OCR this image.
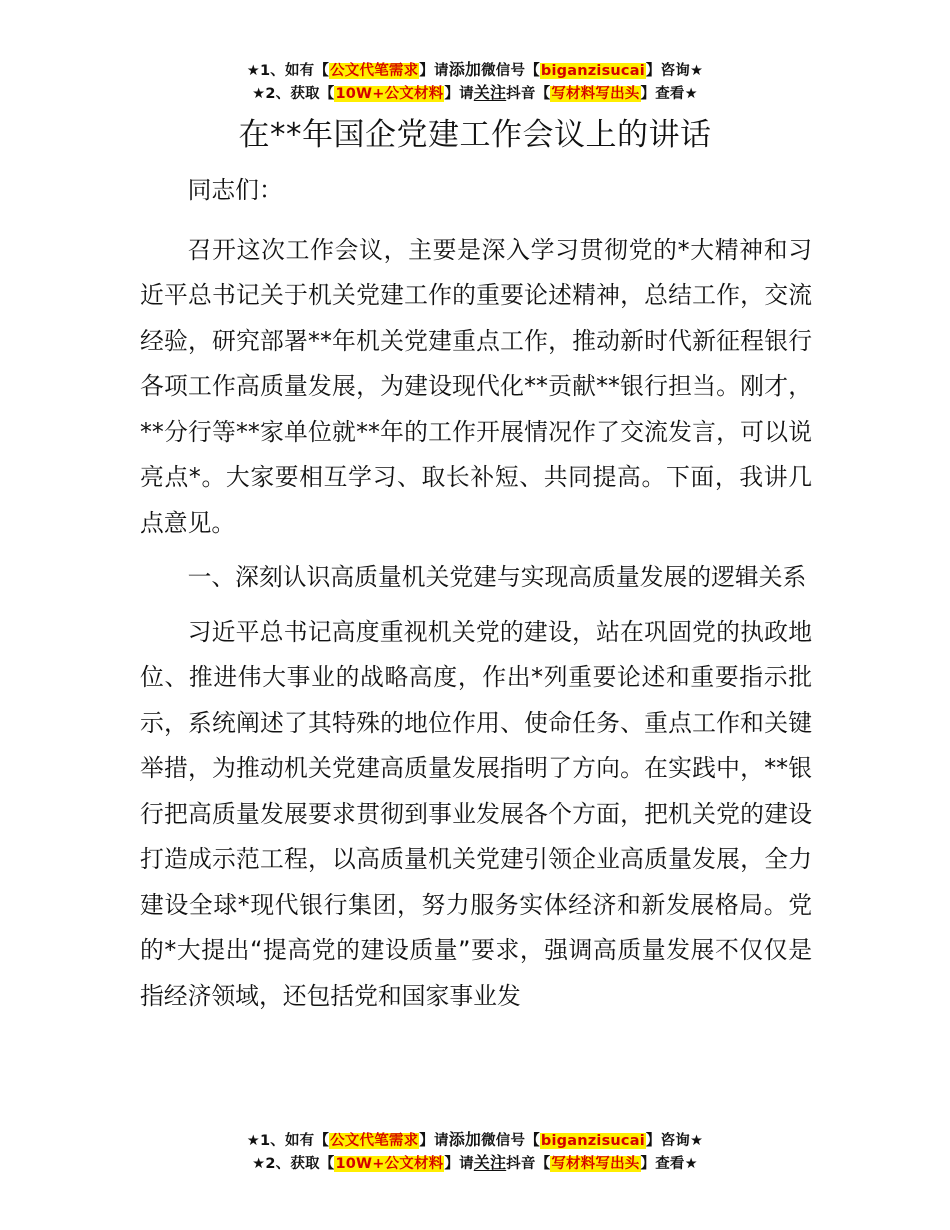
★1、如有【公文代笔需求】请添加微信号【biganzisucai】咨询★
★2、获取【10W+公文材料】请关注抖音【写材料写出头】查看★
在**年国企党建工作会议上的讲话

同志们：

召开这次工作会议，主要是深入学习贯彻党的*大精神和习近平总书记关于机关党建工作的重要论述精神，总结工作，交流经验，研究部署**年机关党建重点工作，推动新时代新征程银行各项工作高质量发展，为建设现代化**贡献**银行担当。刚才，**分行等**家单位就**年的工作开展情况作了交流发言，可以说亮点*。大家要相互学习、取长补短、共同提高。下面，我讲几点意见。

一、深刻认识高质量机关党建与实现高质量发展的逻辑关系

习近平总书记高度重视机关党的建设，站在巩固党的执政地位、推进伟大事业的战略高度，作出*列重要论述和重要指示批示，系统阐述了其特殊的地位作用、使命任务、重点工作和关键举措，为推动机关党建高质量发展指明了方向。在实践中，**银行把高质量发展要求贯彻到事业发展各个方面，把机关党的建设打造成示范工程，以高质量机关党建引领企业高质量发展，全力建设全球*现代银行集团，努力服务实体经济和新发展格局。党的*大提出“提高党的建设质量”要求，强调高质量发展不仅仅是指经济领域，还包括党和国家事业发

★1、如有【公文代笔需求】请添加微信号【biganzisucai】咨询★
★2、获取【10W+公文材料】请关注抖音【写材料写出头】查看★
